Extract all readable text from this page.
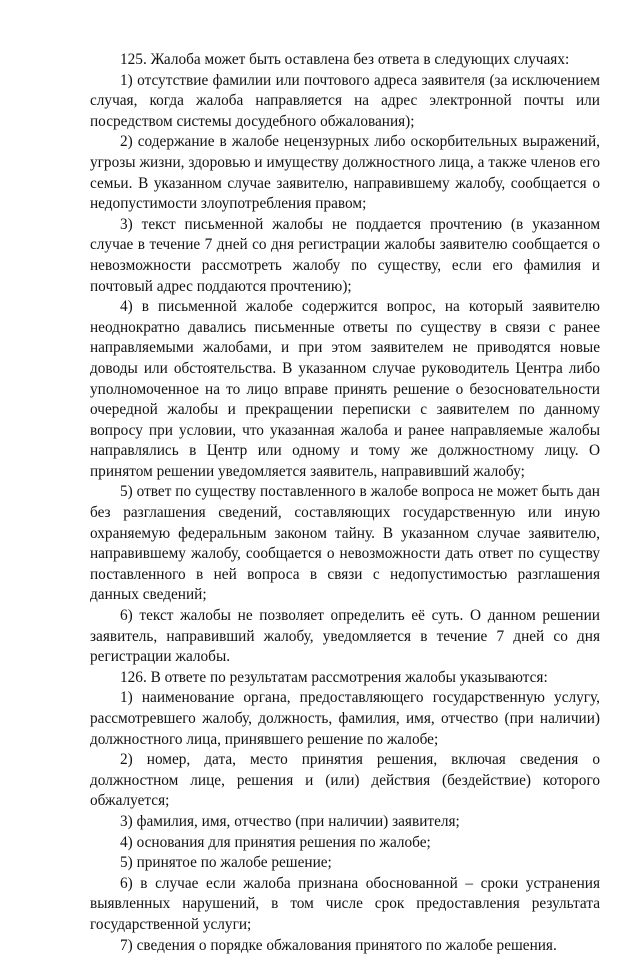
125. Жалоба может быть оставлена без ответа в следующих случаях:

1) отсутствие фамилии или почтового адреса заявителя (за исключением случая, когда жалоба направляется на адрес электронной почты или посредством системы досудебного обжалования);

2) содержание в жалобе нецензурных либо оскорбительных выражений, угрозы жизни, здоровью и имуществу должностного лица, а также членов его семьи. В указанном случае заявителю, направившему жалобу, сообщается о недопустимости злоупотребления правом;

3) текст письменной жалобы не поддается прочтению (в указанном случае в течение 7 дней со дня регистрации жалобы заявителю сообщается о невозможности рассмотреть жалобу по существу, если его фамилия и почтовый адрес поддаются прочтению);

4) в письменной жалобе содержится вопрос, на который заявителю неоднократно давались письменные ответы по существу в связи с ранее направляемыми жалобами, и при этом заявителем не приводятся новые доводы или обстоятельства. В указанном случае руководитель Центра либо уполномоченное на то лицо вправе принять решение о безосновательности очередной жалобы и прекращении переписки с заявителем по данному вопросу при условии, что указанная жалоба и ранее направляемые жалобы направлялись в Центр или одному и тому же должностному лицу. О принятом решении уведомляется заявитель, направивший жалобу;

5) ответ по существу поставленного в жалобе вопроса не может быть дан без разглашения сведений, составляющих государственную или иную охраняемую федеральным законом тайну. В указанном случае заявителю, направившему жалобу, сообщается о невозможности дать ответ по существу поставленного в ней вопроса в связи с недопустимостью разглашения данных сведений;

6) текст жалобы не позволяет определить её суть. О данном решении заявитель, направивший жалобу, уведомляется в течение 7 дней со дня регистрации жалобы.

126. В ответе по результатам рассмотрения жалобы указываются:

1) наименование органа, предоставляющего государственную услугу, рассмотревшего жалобу, должность, фамилия, имя, отчество (при наличии) должностного лица, принявшего решение по жалобе;

2) номер, дата, место принятия решения, включая сведения о должностном лице, решения и (или) действия (бездействие) которого обжалуется;

3) фамилия, имя, отчество (при наличии) заявителя;

4) основания для принятия решения по жалобе;

5) принятое по жалобе решение;

6) в случае если жалоба признана обоснованной – сроки устранения выявленных нарушений, в том числе срок предоставления результата государственной услуги;

7) сведения о порядке обжалования принятого по жалобе решения.
